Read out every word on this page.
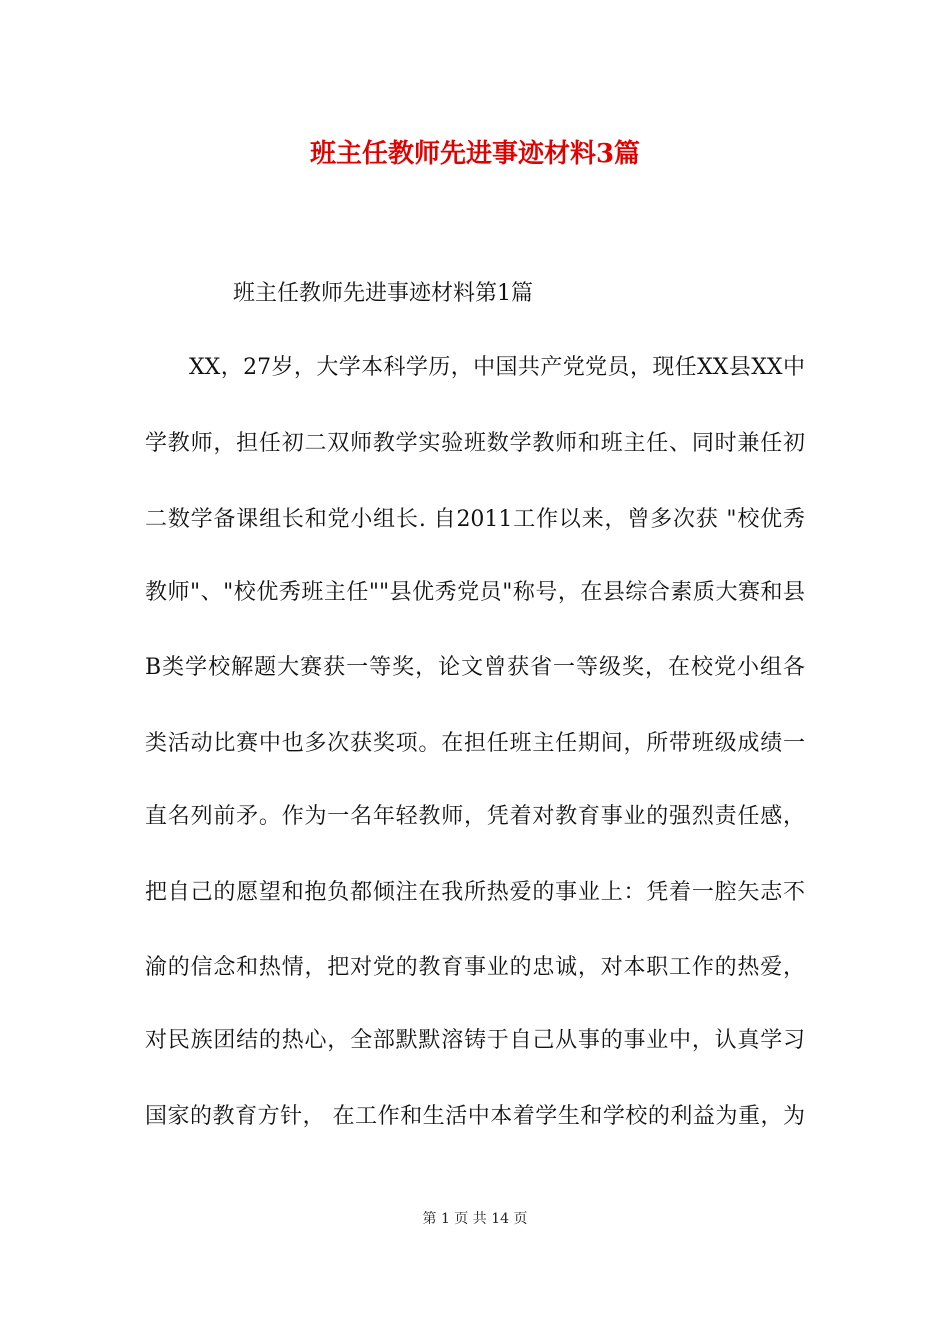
班主任教师先进事迹材料3篇
班主任教师先进事迹材料第1篇
XX，27岁，大学本科学历，中国共产党党员，现任XX县XX中
学教师，担任初二双师教学实验班数学教师和班主任、同时兼任初
二数学备课组长和党小组长. 自2011工作以来，曾多次获 "校优秀
教师"、"校优秀班主任""县优秀党员"称号，在县综合素质大赛和县
B类学校解题大赛获一等奖，论文曾获省一等级奖，在校党小组各
类活动比赛中也多次获奖项。在担任班主任期间，所带班级成绩一
直名列前矛。作为一名年轻教师，凭着对教育事业的强烈责任感，
把自己的愿望和抱负都倾注在我所热爱的事业上：凭着一腔矢志不
渝的信念和热情，把对党的教育事业的忠诚，对本职工作的热爱，
对民族团结的热心，全部默默溶铸于自己从事的事业中，认真学习
国家的教育方针， 在工作和生活中本着学生和学校的利益为重，为
第 1 页 共 14 页
